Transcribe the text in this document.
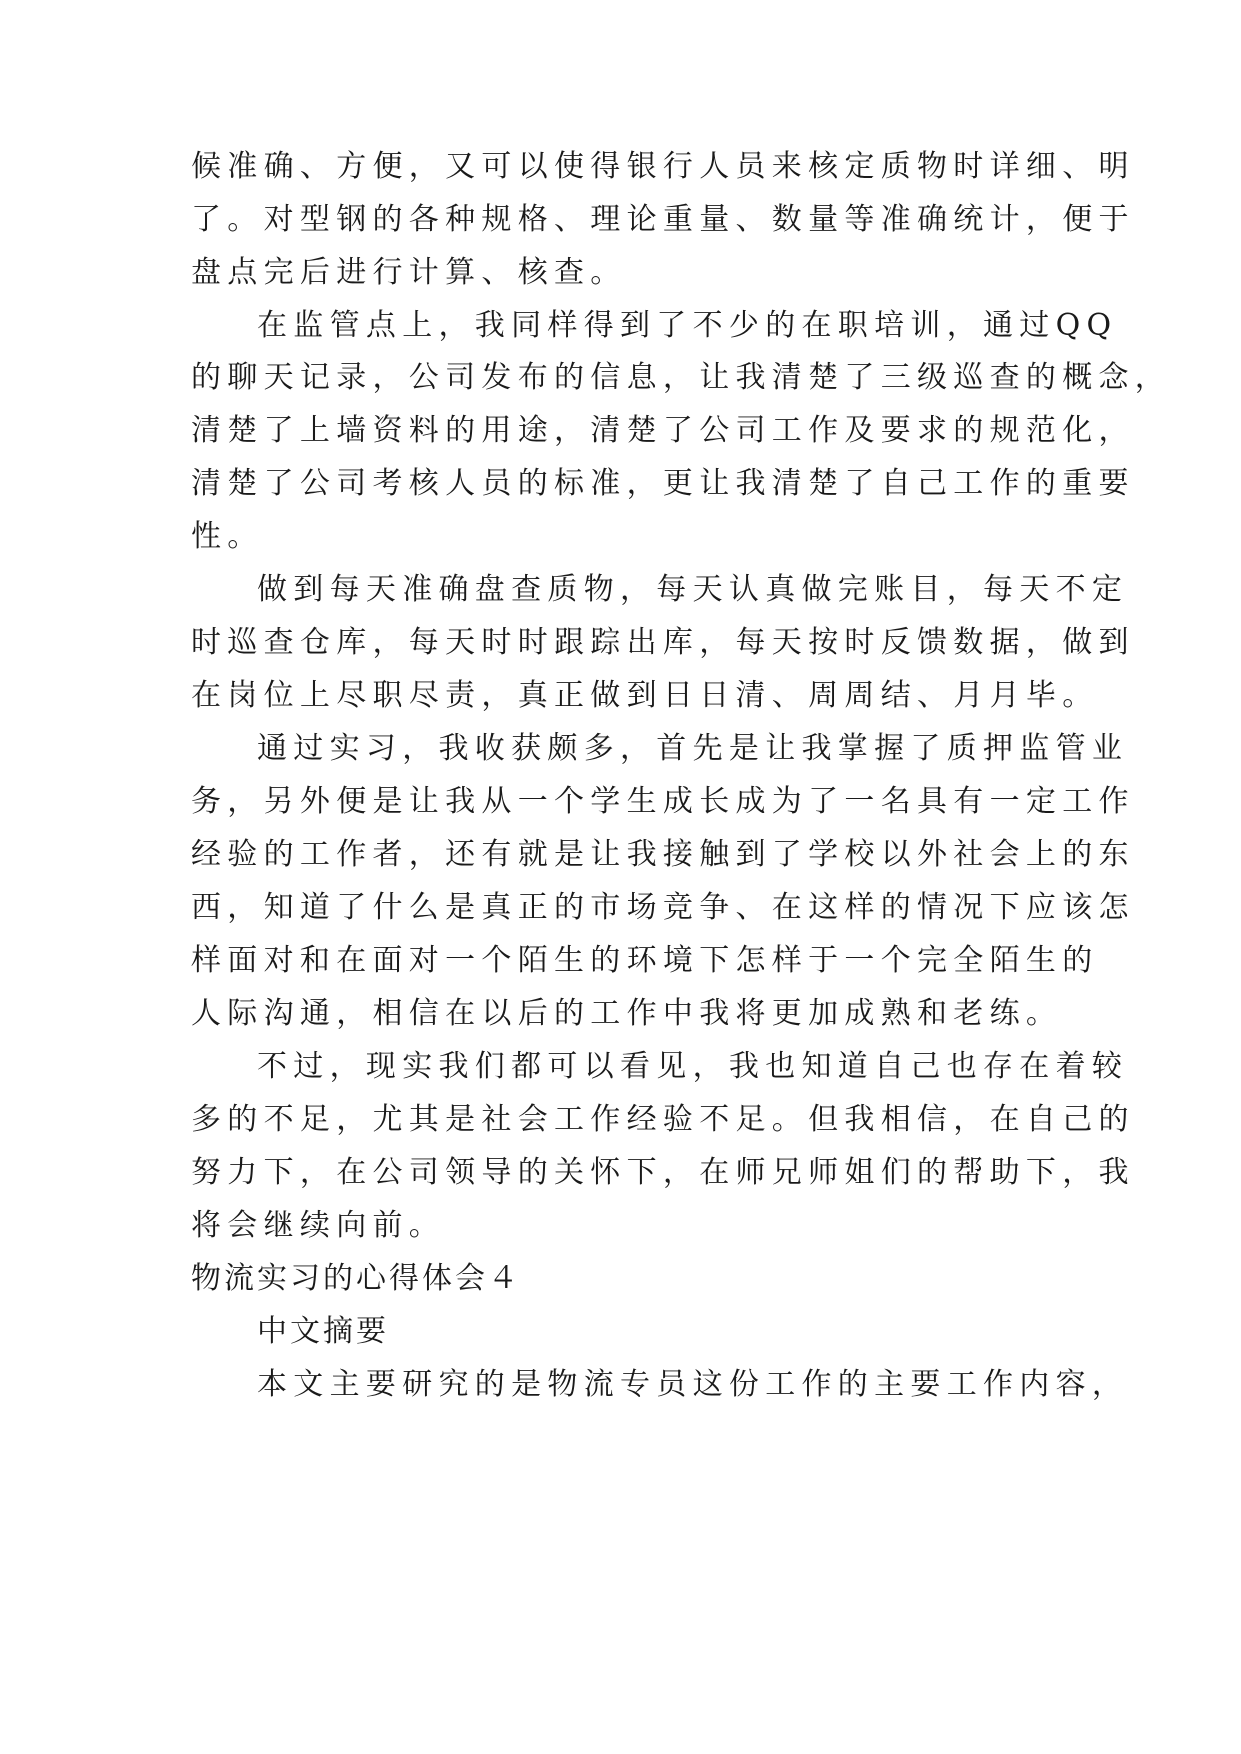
候准确、方便，又可以使得银行人员来核定质物时详细、明
了。对型钢的各种规格、理论重量、数量等准确统计，便于
盘点完后进行计算、核查。
在监管点上，我同样得到了不少的在职培训，通过QQ
的聊天记录，公司发布的信息，让我清楚了三级巡查的概念，
清楚了上墙资料的用途，清楚了公司工作及要求的规范化，
清楚了公司考核人员的标准，更让我清楚了自己工作的重要
性。
做到每天准确盘查质物，每天认真做完账目，每天不定
时巡查仓库，每天时时跟踪出库，每天按时反馈数据，做到
在岗位上尽职尽责，真正做到日日清、周周结、月月毕。
通过实习，我收获颇多，首先是让我掌握了质押监管业
务，另外便是让我从一个学生成长成为了一名具有一定工作
经验的工作者，还有就是让我接触到了学校以外社会上的东
西，知道了什么是真正的市场竞争、在这样的情况下应该怎
样面对和在面对一个陌生的环境下怎样于一个完全陌生的
人际沟通，相信在以后的工作中我将更加成熟和老练。
不过，现实我们都可以看见，我也知道自己也存在着较
多的不足，尤其是社会工作经验不足。但我相信，在自己的
努力下，在公司领导的关怀下，在师兄师姐们的帮助下，我
将会继续向前。
物流实习的心得体会４
中文摘要
本文主要研究的是物流专员这份工作的主要工作内容，
